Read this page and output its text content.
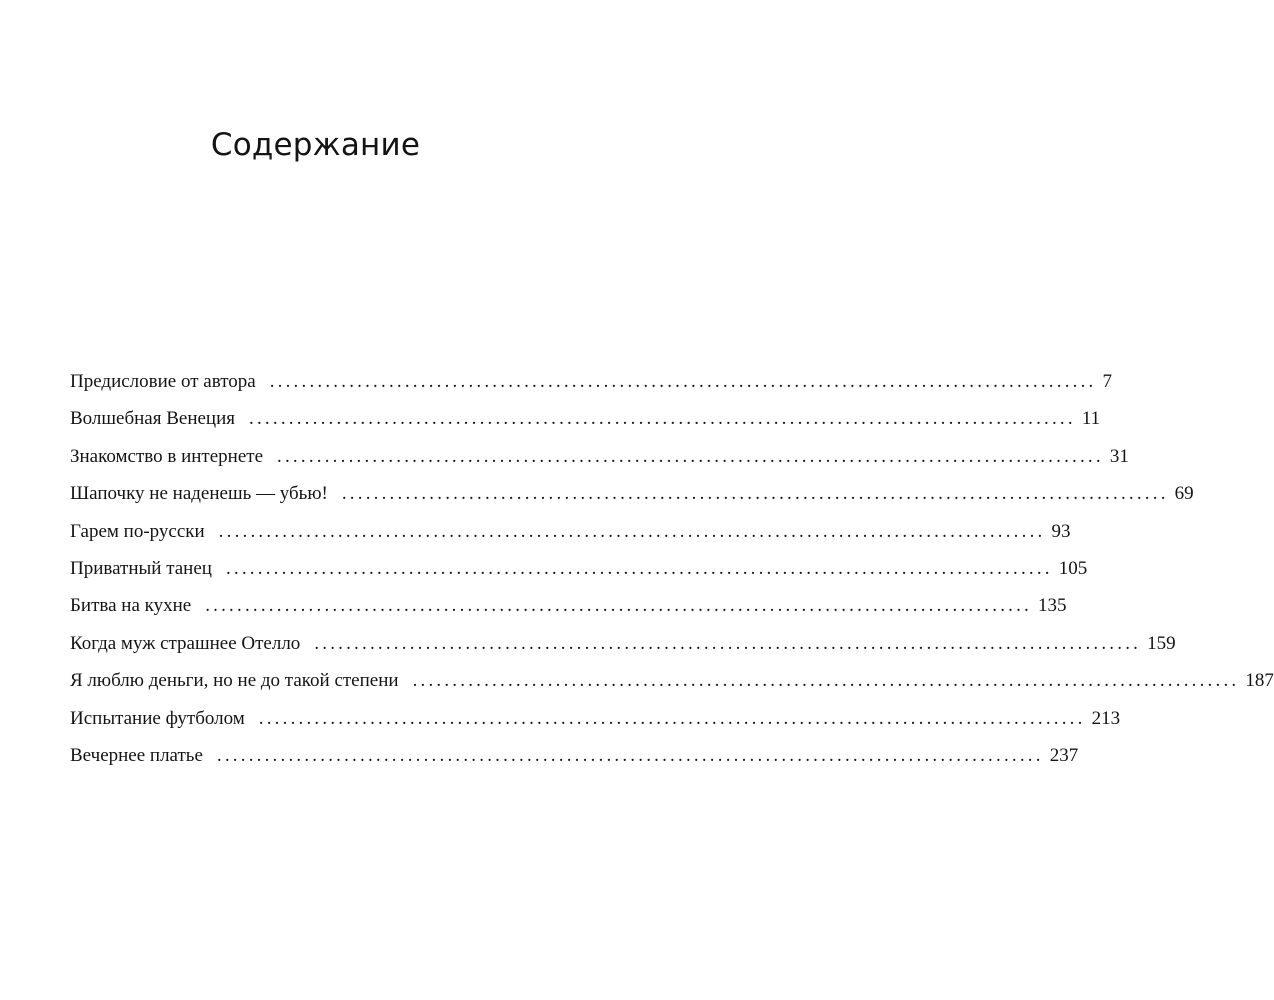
Содержание
Предисловие от автора ........................................................................................................ 7
Волшебная Венеция ........................................................................................................ 11
Знакомство в интернете ........................................................................................................ 31
Шапочку не наденешь — убью! ........................................................................................................ 69
Гарем по-русски ........................................................................................................ 93
Приватный танец ........................................................................................................ 105
Битва на кухне ........................................................................................................ 135
Когда муж страшнее Отелло ........................................................................................................ 159
Я люблю деньги, но не до такой степени ........................................................................................................ 187
Испытание футболом ........................................................................................................ 213
Вечернее платье ........................................................................................................ 237
